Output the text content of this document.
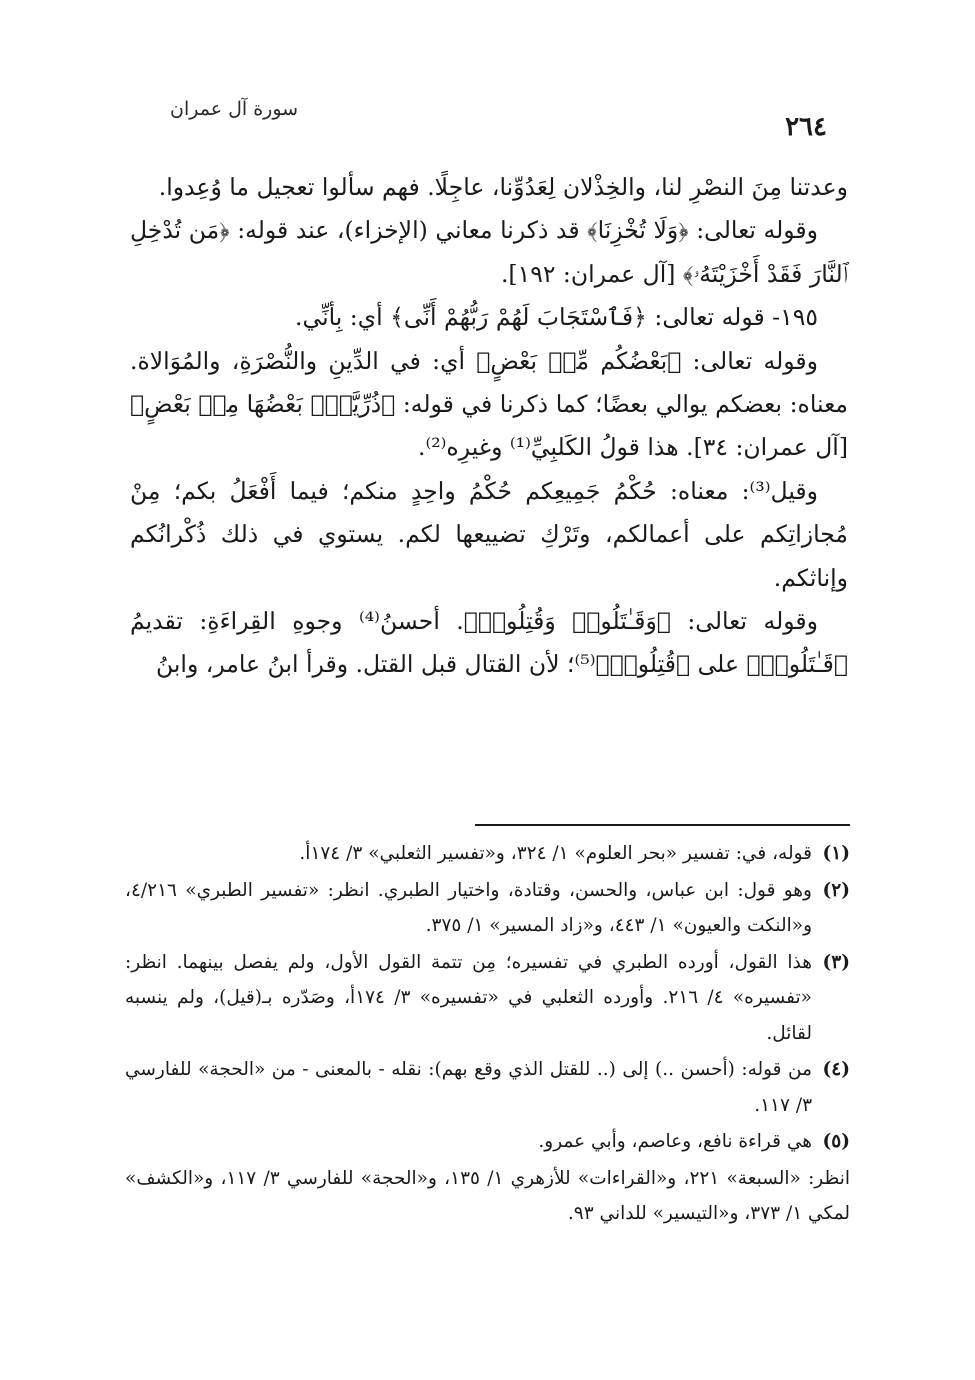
سورة آل عمران
٢٦٤

وعدتنا مِنَ النصْرِ لنا، والخِذْلان لِعَدُوِّنا، عاجِلًا. فهم سألوا تعجيل ما وُعِدوا.

وقوله تعالى: ﴿وَلَا تُخْزِنَا﴾ قد ذكرنا معاني (الإخزاء)، عند قوله: ﴿مَن تُدْخِلِ ٱلنَّارَ فَقَدْ أَخْزَيْتَهُۥ﴾ [آل عمران: ١٩٢].

١٩٥- قوله تعالى: ﴿فَٱسْتَجَابَ لَهُمْ رَبُّهُمْ أَنِّى﴾ أي: بِأنِّي.

وقوله تعالى: ﴿بَعْضُكُم مِّنۢ بَعْضٍ﴾ أي: في الدِّينِ والنُّصْرَةِ، والمُوَالاة. معناه: بعضكم يوالي بعضًا؛ كما ذكرنا في قوله: ﴿ذُرِّيَّةًۢ بَعْضُهَا مِنۢ بَعْضٍ﴾ [آل عمران: ٣٤]. هذا قولُ الكَلبِيِّ⁽¹⁾ وغيرِه⁽²⁾.

وقيل⁽³⁾: معناه: حُكْمُ جَمِيعِكم حُكْمُ واحِدٍ منكم؛ فيما أَفْعَلُ بكم؛ مِنْ مُجازاتِكم على أعمالكم، وتَرْكِ تضييعها لكم. يستوي في ذلك ذُكْرانُكم وإناثكم.

وقوله تعالى: ﴿وَقَـٰتَلُوا۟ وَقُتِلُوا۟﴾. أحسنُ⁽⁴⁾ وجوهِ القِراءَةِ: تقديمُ ﴿قَـٰتَلُوا۟﴾ على ﴿قُتِلُوا۟﴾⁽⁵⁾؛ لأن القتال قبل القتل. وقرأ ابنُ عامر، وابنُ

(١)
قوله، في: تفسير «بحر العلوم» ١/ ٣٢٤، و«تفسير الثعلبي» ٣/ ١٧٤أ.
(٢)
وهو قول: ابن عباس، والحسن، وقتادة، واختيار الطبري. انظر: «تفسير الطبري» ٤/٢١٦، و«النكت والعيون» ١/ ٤٤٣، و«زاد المسير» ١/ ٣٧٥.
(٣)
هذا القول، أورده الطبري في تفسيره؛ مِن تتمة القول الأول، ولم يفصل بينهما. انظر: «تفسيره» ٤/ ٢١٦. وأورده الثعلبي في «تفسيره» ٣/ ١٧٤أ، وصَدّره بـ(قيل)، ولم ينسبه لقائل.
(٤)
من قوله: (أحسن ..) إلى (.. للقتل الذي وقع بهم): نقله - بالمعنى - من «الحجة» للفارسي ٣/ ١١٧.
(٥)
هي قراءة نافع، وعاصم، وأبي عمرو.
انظر: «السبعة» ٢٢١، و«القراءات» للأزهري ١/ ١٣٥، و«الحجة» للفارسي ٣/ ١١٧، و«الكشف» لمكي ١/ ٣٧٣، و«التيسير» للداني ٩٣.
